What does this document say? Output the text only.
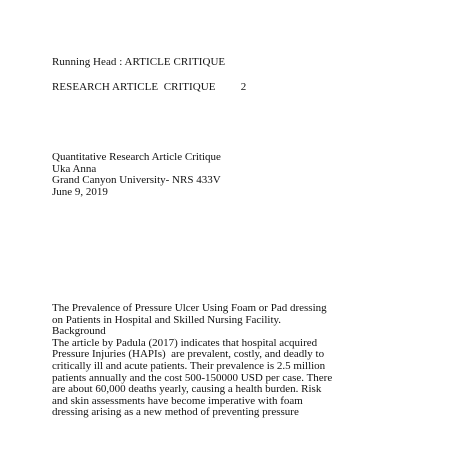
Running Head : ARTICLE CRITIQUE
RESEARCH ARTICLE  CRITIQUE         2
Quantitative Research Article Critique
Uka Anna
Grand Canyon University- NRS 433V
June 9, 2019
The Prevalence of Pressure Ulcer Using Foam or Pad dressing
on Patients in Hospital and Skilled Nursing Facility.
Background
The article by Padula (2017) indicates that hospital acquired
Pressure Injuries (HAPIs)  are prevalent, costly, and deadly to
critically ill and acute patients. Their prevalence is 2.5 million
patients annually and the cost 500-150000 USD per case. There
are about 60,000 deaths yearly, causing a health burden. Risk
and skin assessments have become imperative with foam
dressing arising as a new method of preventing pressure
